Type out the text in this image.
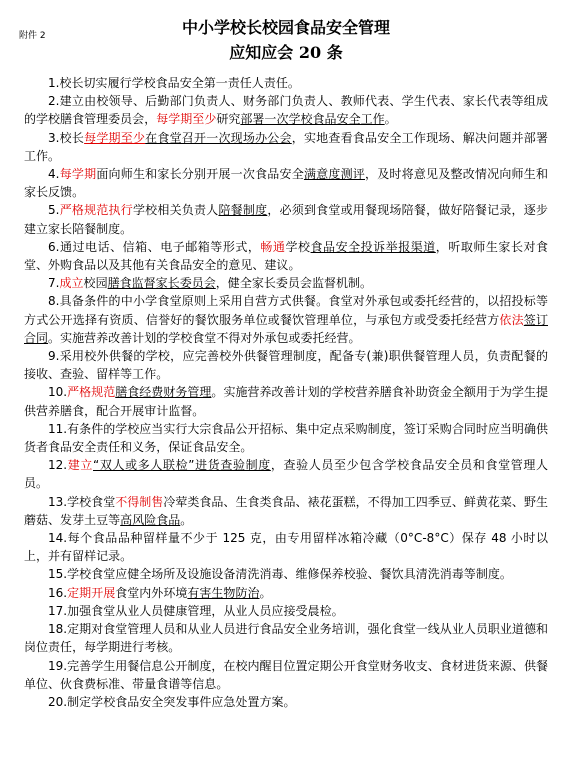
附件 2	中小学校长校园食品安全管理
应知应会 20 条

1.校长切实履行学校食品安全第一责任人责任。

2.建立由校领导、后勤部门负责人、财务部门负责人、教师代表、学生代表、家长代表等组成的学校膳食管理委员会，每学期至少研究部署一次学校食品安全工作。

3.校长每学期至少在食堂召开一次现场办公会，实地查看食品安全工作现场、解决问题并部署工作。

4.每学期面向师生和家长分别开展一次食品安全满意度测评，及时将意见及整改情况向师生和家长反馈。

5.严格规范执行学校相关负责人陪餐制度，必须到食堂或用餐现场陪餐，做好陪餐记录，逐步建立家长陪餐制度。

6.通过电话、信箱、电子邮箱等形式，畅通学校食品安全投诉举报渠道，听取师生家长对食堂、外购食品以及其他有关食品安全的意见、建议。

7.成立校园膳食监督家长委员会，健全家长委员会监督机制。

8.具备条件的中小学食堂原则上采用自营方式供餐。食堂对外承包或委托经营的，以招投标等方式公开选择有资质、信誉好的餐饮服务单位或餐饮管理单位，与承包方或受委托经营方依法签订合同。实施营养改善计划的学校食堂不得对外承包或委托经营。

9.采用校外供餐的学校，应完善校外供餐管理制度，配备专(兼)职供餐管理人员，负责配餐的接收、查验、留样等工作。

10.严格规范膳食经费财务管理。实施营养改善计划的学校营养膳食补助资金全额用于为学生提供营养膳食，配合开展审计监督。

11.有条件的学校应当实行大宗食品公开招标、集中定点采购制度，签订采购合同时应当明确供货者食品安全责任和义务，保证食品安全。

12.建立“双人或多人联检”进货查验制度，查验人员至少包含学校食品安全员和食堂管理人员。

13.学校食堂不得制售冷荤类食品、生食类食品、裱花蛋糕，不得加工四季豆、鲜黄花菜、野生蘑菇、发芽土豆等高风险食品。

14.每个食品品种留样量不少于 125 克，由专用留样冰箱冷藏（0°C-8°C）保存 48 小时以上，并有留样记录。

15.学校食堂应健全场所及设施设备清洗消毒、维修保养校验、餐饮具清洗消毒等制度。

16.定期开展食堂内外环境有害生物防治。

17.加强食堂从业人员健康管理，从业人员应接受晨检。

18.定期对食堂管理人员和从业人员进行食品安全业务培训，强化食堂一线从业人员职业道德和岗位责任，每学期进行考核。

19.完善学生用餐信息公开制度，在校内醒目位置定期公开食堂财务收支、食材进货来源、供餐单位、伙食费标准、带量食谱等信息。

20.制定学校食品安全突发事件应急处置方案。
